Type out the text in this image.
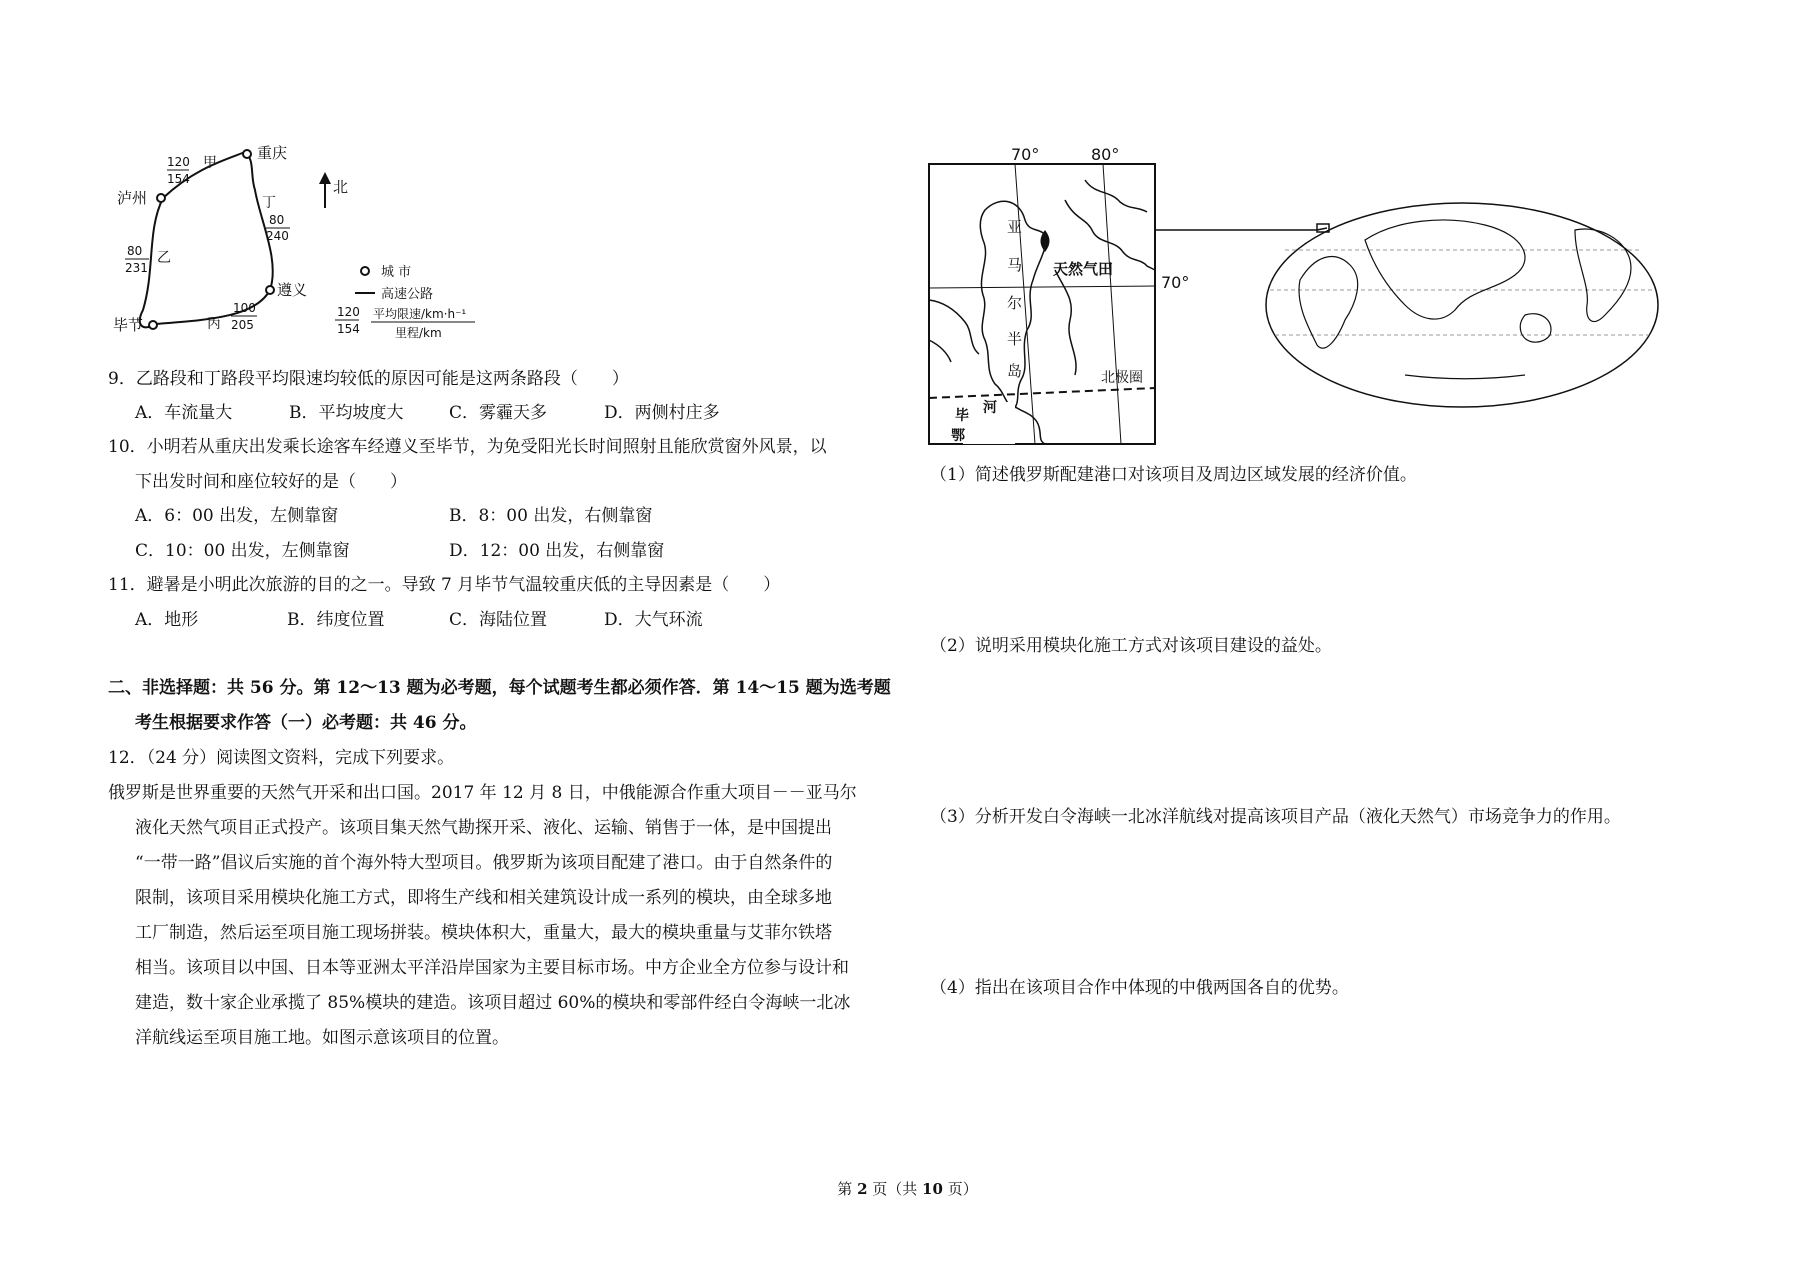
重庆
泸州
遵义
毕节
甲
120
154
丁
80
240
乙
80
231
丙
100
205
北
城 市
高速公路
120
154
平均限速/km·h⁻¹
里程/km
9．乙路段和丁路段平均限速均较低的原因可能是这两条路段（　　）
A．车流量大	B．平均坡度大	C．雾霾天多	D．两侧村庄多
10．小明若从重庆出发乘长途客车经遵义至毕节，为免受阳光长时间照射且能欣赏窗外风景，以
下出发时间和座位较好的是（　　）
A．6：00 出发，左侧靠窗	B．8：00 出发，右侧靠窗
C．10：00 出发，左侧靠窗	D．12：00 出发，右侧靠窗
11．避暑是小明此次旅游的目的之一。导致 7 月毕节气温较重庆低的主导因素是（　　）
A．地形	B．纬度位置	C．海陆位置	D．大气环流
二、非选择题：共 56 分。第 12～13 题为必考题，每个试题考生都必须作答．第 14～15 题为选考题
考生根据要求作答（一）必考题：共 46 分。
12．（24 分）阅读图文资料，完成下列要求。
俄罗斯是世界重要的天然气开采和出口国。2017 年 12 月 8 日，中俄能源合作重大项目－－亚马尔
液化天然气项目正式投产。该项目集天然气勘探开采、液化、运输、销售于一体，是中国提出
“一带一路”倡议后实施的首个海外特大型项目。俄罗斯为该项目配建了港口。由于自然条件的
限制，该项目采用模块化施工方式，即将生产线和相关建筑设计成一系列的模块，由全球多地
工厂制造，然后运至项目施工现场拼装。模块体积大，重量大，最大的模块重量与艾菲尔铁塔
相当。该项目以中国、日本等亚洲太平洋沿岸国家为主要目标市场。中方企业全方位参与设计和
建造，数十家企业承揽了 85%模块的建造。该项目超过 60%的模块和零部件经白令海峡一北冰
洋航线运至项目施工地。如图示意该项目的位置。
70°	80°
70°
亚
马
尔
半
岛
天然气田
北极圈
毕 河
鄂
（1）简述俄罗斯配建港口对该项目及周边区域发展的经济价值。
（2）说明采用模块化施工方式对该项目建设的益处。
（3）分析开发白令海峡一北冰洋航线对提高该项目产品（液化天然气）市场竞争力的作用。
（4）指出在该项目合作中体现的中俄两国各自的优势。
第 2 页（共 10 页）
